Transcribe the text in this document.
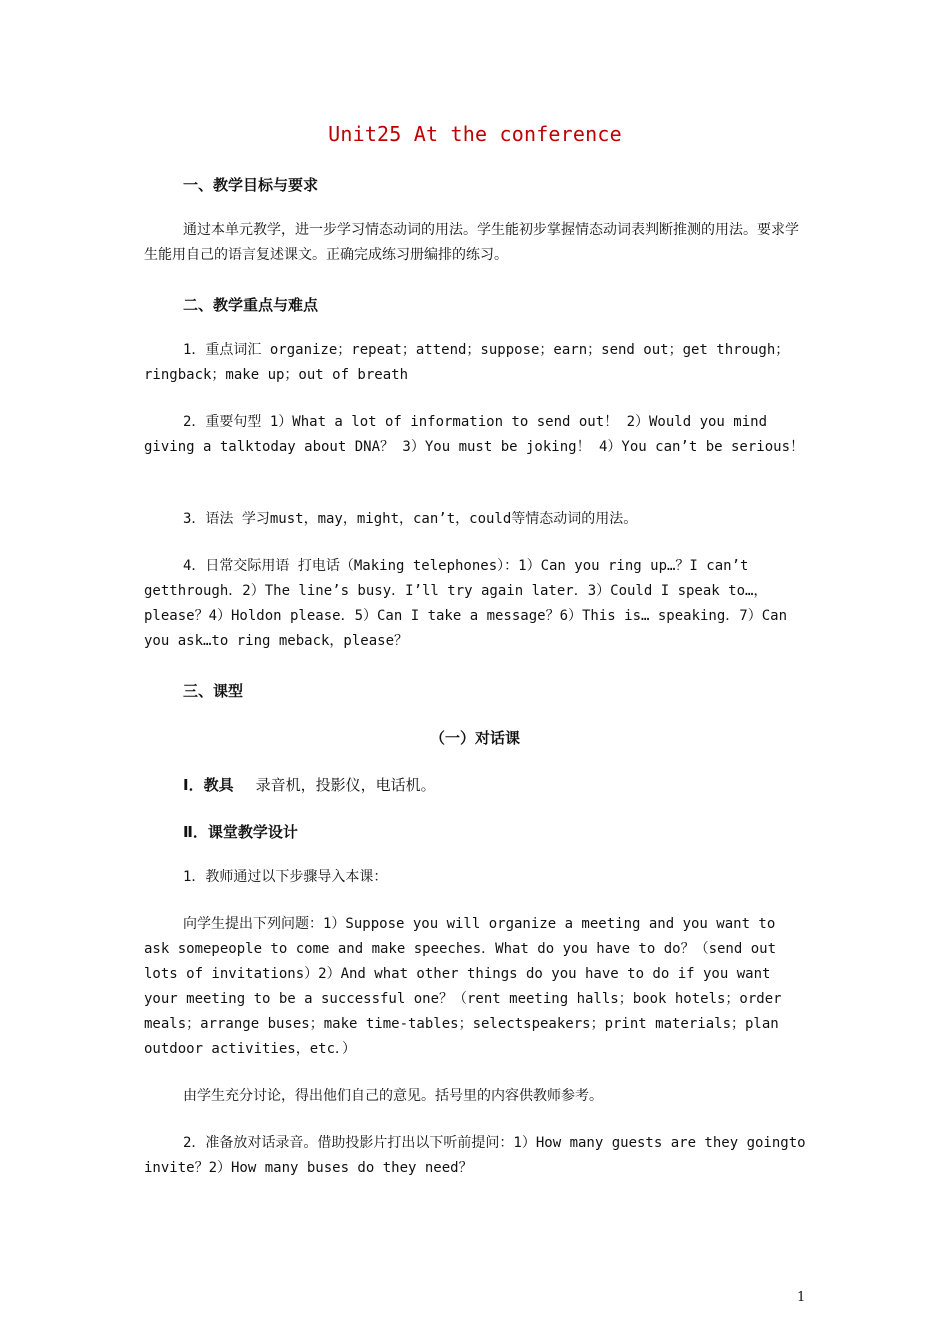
Unit25 At the conference
一、教学目标与要求
通过本单元教学，进一步学习情态动词的用法。学生能初步掌握情态动词表判断推测的用法。要求学生能用自己的语言复述课文。正确完成练习册编排的练习。
二、教学重点与难点
1．重点词汇 organize；repeat；attend；suppose；earn；send out；get through；ringback；make up；out of breath
2．重要句型 1）What a lot of information to send out！ 2）Would you mind giving a talktoday about DNA？ 3）You must be joking！ 4）You can’t be serious！
3．语法 学习must，may，might，can’t，could等情态动词的用法。
4．日常交际用语 打电话（Making telephones）：1）Can you ring up…？I can’t getthrough．2）The line’s busy．I’ll try again later．3）Could I speak to…，please？4）Holdon please．5）Can I take a message？6）This is… speaking．7）Can you ask…to ring meback，please？
三、课型
（一）对话课
Ⅰ．教具 录音机，投影仪，电话机。
Ⅱ．课堂教学设计
1．教师通过以下步骤导入本课：
向学生提出下列问题：1）Suppose you will organize a meeting and you want to ask somepeople to come and make speeches．What do you have to do？（send out lots of invitations）2）And what other things do you have to do if you want your meeting to be a successful one？（rent meeting halls；book hotels；order meals；arrange buses；make time-tables；selectspeakers；print materials；plan outdoor activities，etc．）
由学生充分讨论，得出他们自己的意见。括号里的内容供教师参考。
2．准备放对话录音。借助投影片打出以下听前提问：1）How many guests are they goingto invite？2）How many buses do they need？
1
